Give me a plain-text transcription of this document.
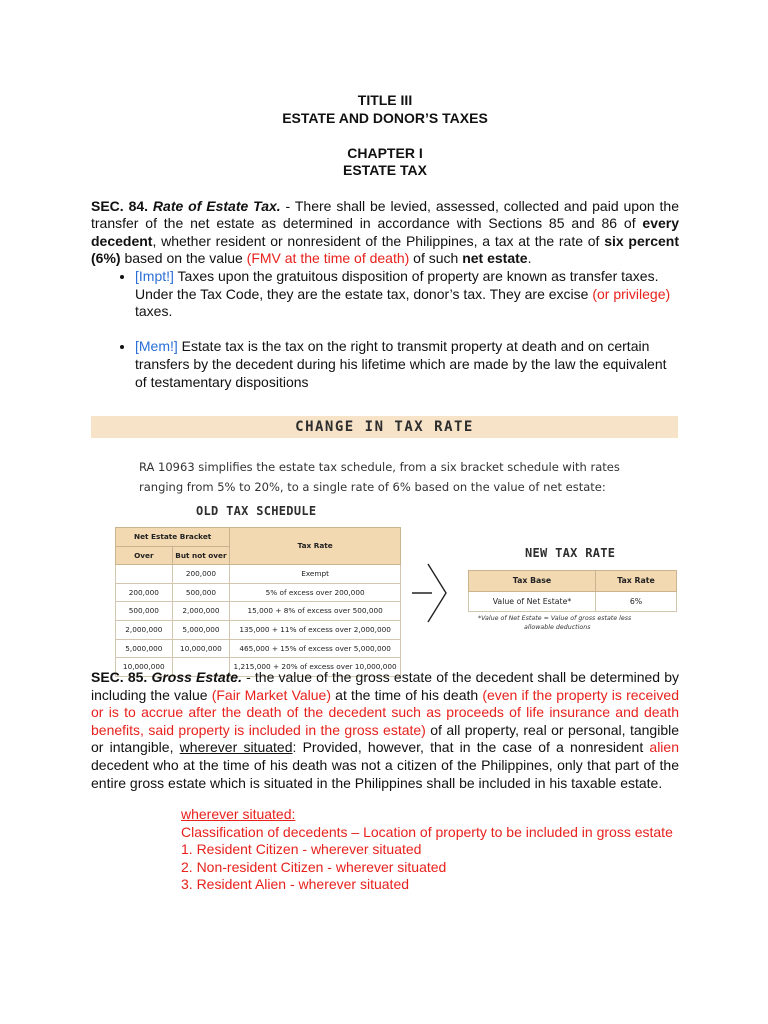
TITLE III
ESTATE AND DONOR’S TAXES
CHAPTER I
ESTATE TAX

SEC. 84. Rate of Estate Tax. - There shall be levied, assessed, collected and paid upon the transfer of the net estate as determined in accordance with Sections 85 and 86 of every decedent, whether resident or nonresident of the Philippines, a tax at the rate of six percent (6%) based on the value (FMV at the time of death) of such net estate.

• [Impt!] Taxes upon the gratuitous disposition of property are known as transfer taxes. Under the Tax Code, they are the estate tax, donor’s tax. They are excise (or privilege) taxes.
• [Mem!] Estate tax is the tax on the right to transmit property at death and on certain transfers by the decedent during his lifetime which are made by the law the equivalent of testamentary dispositions
CHANGE IN TAX RATE
RA 10963 simplifies the estate tax schedule, from a six bracket schedule with rates
ranging from 5% to 20%, to a single rate of 6% based on the value of net estate:
OLD TAX SCHEDULE
Net Estate Bracket		Tax Rate
Over	But not over	
	200,000	Exempt
200,000	500,000	5% of excess over 200,000
500,000	2,000,000	15,000 + 8% of excess over 500,000
2,000,000	5,000,000	135,000 + 11% of excess over 2,000,000
5,000,000	10,000,000	465,000 + 15% of excess over 5,000,000
10,000,000		1,215,000 + 20% of excess over 10,000,000
NEW TAX RATE
Tax Base	Tax Rate
Value of Net Estate*	6%
*Value of Net Estate = Value of gross estate less
allowable deductions

SEC. 85. Gross Estate. - the value of the gross estate of the decedent shall be determined by including the value (Fair Market Value) at the time of his death (even if the property is received or is to accrue after the death of the decedent such as proceeds of life insurance and death benefits, said property is included in the gross estate) of all property, real or personal, tangible or intangible, wherever situated: Provided, however, that in the case of a nonresident alien decedent who at the time of his death was not a citizen of the Philippines, only that part of the entire gross estate which is situated in the Philippines shall be included in his taxable estate.

wherever situated:
Classification of decedents – Location of property to be included in gross estate
1. Resident Citizen - wherever situated
2. Non-resident Citizen - wherever situated
3. Resident Alien - wherever situated
